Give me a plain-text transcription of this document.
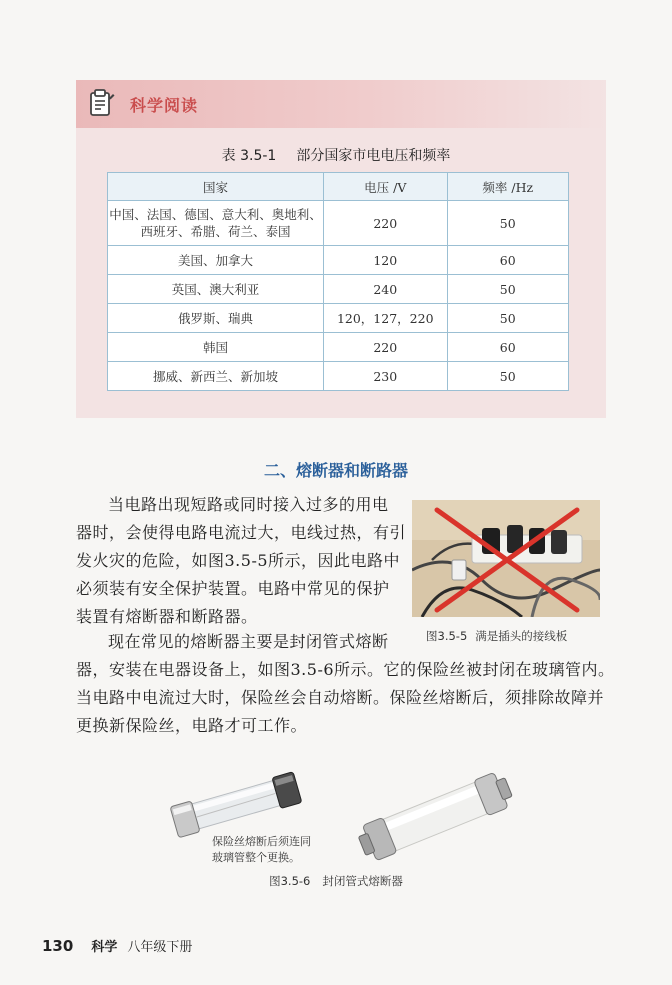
科学阅读
表 3.5-1 部分国家市电电压和频率
国家	电压 /V	频率 /Hz
中国、法国、德国、意大利、奥地利、
西班牙、希腊、荷兰、泰国	220	50
美国、加拿大	120	60
英国、澳大利亚	240	50
俄罗斯、瑞典	120，127，220	50
韩国	220	60
挪威、新西兰、新加坡	230	50
二、熔断器和断路器
当电路出现短路或同时接入过多的用电
器时，会使得电路电流过大，电线过热，有引
发火灾的危险，如图3.5-5所示，因此电路中
必须装有安全保护装置。电路中常见的保护
装置有熔断器和断路器。
现在常见的熔断器主要是封闭管式熔断
器，安装在电器设备上，如图3.5-6所示。它的保险丝被封闭在玻璃管内。
当电路中电流过大时，保险丝会自动熔断。保险丝熔断后，须排除故障并
更换新保险丝，电路才可工作。
图3.5-5 满是插头的接线板
保险丝熔断后须连同
玻璃管整个更换。
图3.5-6 封闭管式熔断器
130 科学 八年级下册
